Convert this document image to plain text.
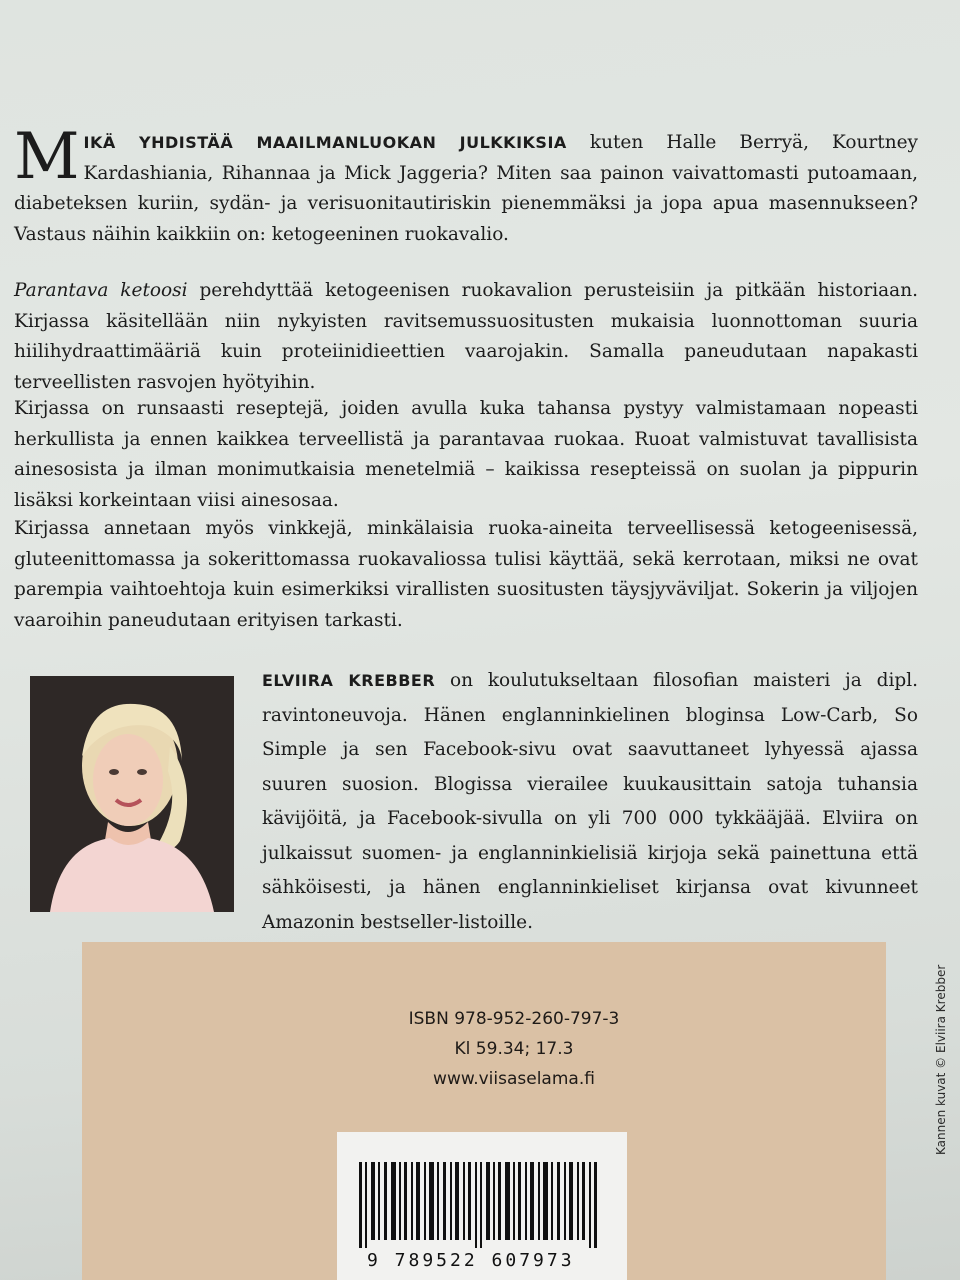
M IKÄ YHDISTÄÄ MAAILMANLUOKAN JULKKIKSIA kuten Halle Berryä, Kourtney Kardashiania, Rihannaa ja Mick Jaggeria? Miten saa painon vaivattomasti putoamaan, diabeteksen kuriin, sydän- ja verisuonitautiriskin pienemmäksi ja jopa apua masennukseen? Vastaus näihin kaikkiin on: ketogeeninen ruokavalio.
Parantava ketoosi perehdyttää ketogeenisen ruokavalion perusteisiin ja pitkään historiaan. Kirjassa käsitellään niin nykyisten ravitsemussuositusten mukaisia luonnottoman suuria hiilihydraattimääriä kuin proteiinidieettien vaarojakin. Samalla paneudutaan napakasti terveellisten rasvojen hyötyihin.
Kirjassa on runsaasti reseptejä, joiden avulla kuka tahansa pystyy valmistamaan nopeasti herkullista ja ennen kaikkea terveellistä ja parantavaa ruokaa. Ruoat valmistuvat tavallisista ainesosista ja ilman monimutkaisia menetelmiä – kaikissa resepteissä on suolan ja pippurin lisäksi korkeintaan viisi ainesosaa.
Kirjassa annetaan myös vinkkejä, minkälaisia ruoka-aineita terveellisessä ketogeenisessä, gluteenittomassa ja sokerittomassa ruokavaliossa tulisi käyttää, sekä kerrotaan, miksi ne ovat parempia vaihtoehtoja kuin esimerkiksi virallisten suositusten täysjyväviljat. Sokerin ja viljojen vaaroihin paneudutaan erityisen tarkasti.
ELVIIRA KREBBER on koulutukseltaan filosofian maisteri ja dipl. ravintoneuvoja. Hänen englanninkielinen bloginsa Low-Carb, So Simple ja sen Facebook-sivu ovat saavuttaneet lyhyessä ajassa suuren suosion. Blogissa vierailee kuukausittain satoja tuhansia kävijöitä, ja Facebook-sivulla on yli 700 000 tykkääjää. Elviira on julkaissut suomen- ja englanninkielisiä kirjoja sekä painettuna että sähköisesti, ja hänen englanninkieliset kirjansa ovat kivunneet Amazonin bestseller-listoille.
ISBN 978-952-260-797-3
Kl 59.34; 17.3
www.viisaselama.fi
9 789522 607973
Kannen kuvat © Elviira Krebber
